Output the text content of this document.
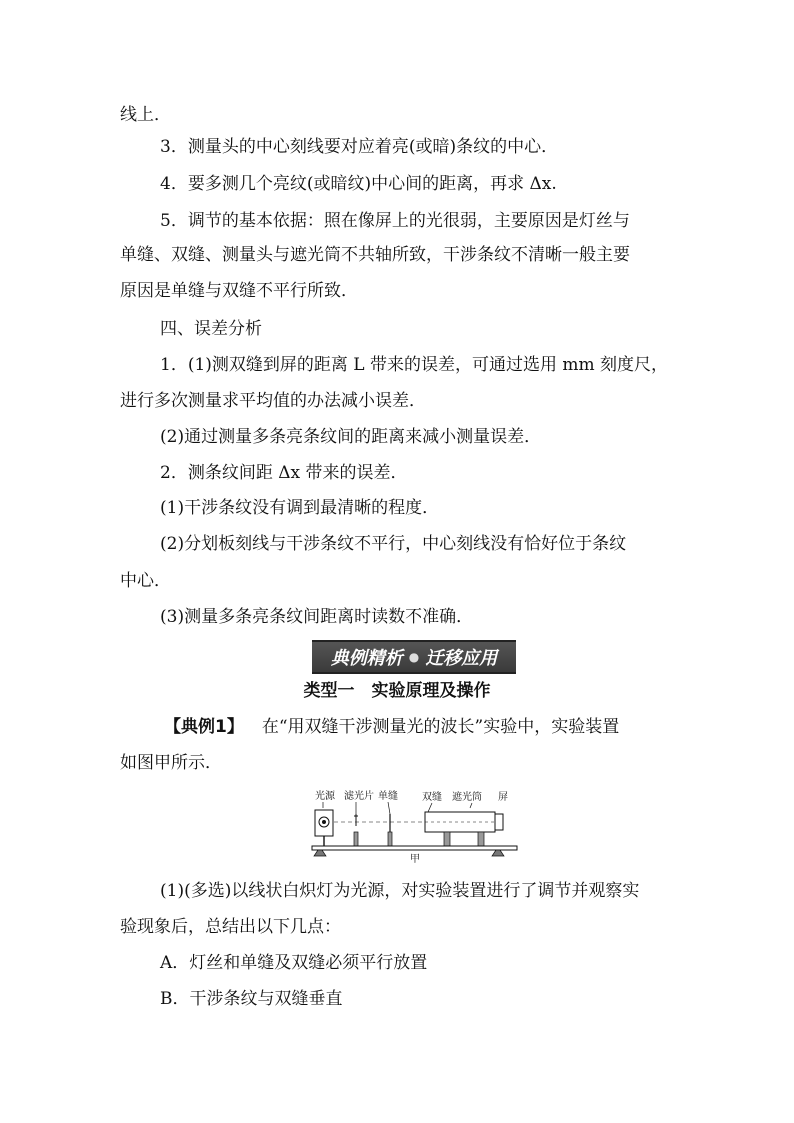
线上．
3．测量头的中心刻线要对应着亮(或暗)条纹的中心．
4．要多测几个亮纹(或暗纹)中心间的距离，再求 Δx.
5．调节的基本依据：照在像屏上的光很弱，主要原因是灯丝与
单缝、双缝、测量头与遮光筒不共轴所致，干涉条纹不清晰一般主要
原因是单缝与双缝不平行所致．
四、误差分析
1．(1)测双缝到屏的距离 L 带来的误差，可通过选用 mm 刻度尺，
进行多次测量求平均值的办法减小误差．
(2)通过测量多条亮条纹间的距离来减小测量误差．
2．测条纹间距 Δx 带来的误差．
(1)干涉条纹没有调到最清晰的程度．
(2)分划板刻线与干涉条纹不平行，中心刻线没有恰好位于条纹
中心．
(3)测量多条亮条纹间距离时读数不准确．
典例精析 ● 迁移应用
类型一　实验原理及操作
【典例1】 在“用双缝干涉测量光的波长”实验中，实验装置
如图甲所示．
光源 滤光片 单缝 双缝 遮光筒 屏
甲
(1)(多选)以线状白炽灯为光源，对实验装置进行了调节并观察实
验现象后，总结出以下几点：
A．灯丝和单缝及双缝必须平行放置
B．干涉条纹与双缝垂直
